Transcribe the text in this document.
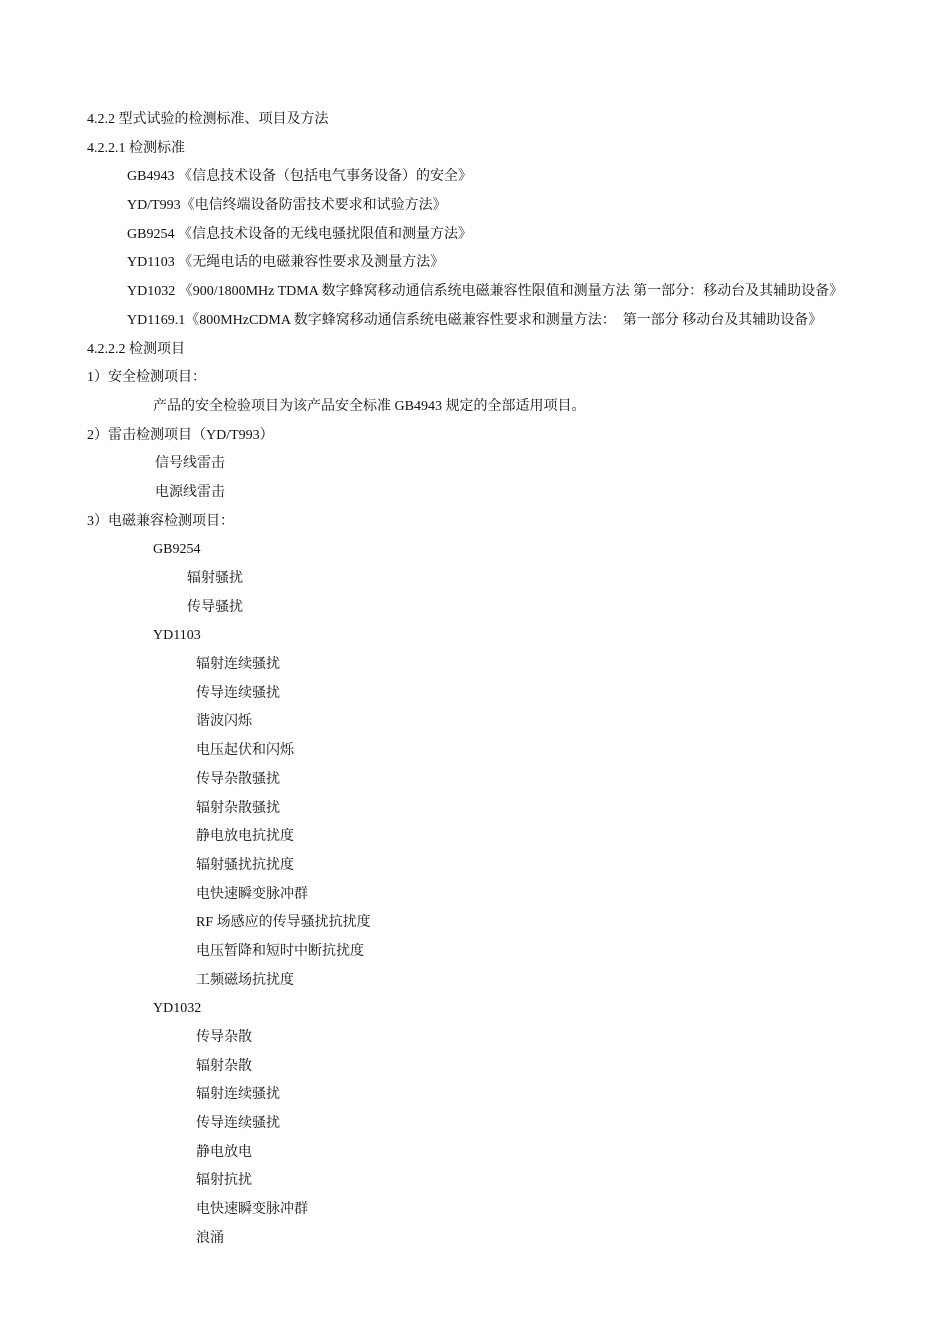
4.2.2 型式试验的检测标准、项目及方法
4.2.2.1 检测标准
GB4943 《信息技术设备（包括电气事务设备）的安全》
YD/T993《电信终端设备防雷技术要求和试验方法》
GB9254 《信息技术设备的无线电骚扰限值和测量方法》
YD1103 《无绳电话的电磁兼容性要求及测量方法》
YD1032 《900/1800MHz TDMA 数字蜂窝移动通信系统电磁兼容性限值和测量方法 第一部分：移动台及其辅助设备》
YD1169.1《800MHzCDMA 数字蜂窝移动通信系统电磁兼容性要求和测量方法：  第一部分 移动台及其辅助设备》
4.2.2.2 检测项目
1）安全检测项目：
产品的安全检验项目为该产品安全标准 GB4943 规定的全部适用项目。
2）雷击检测项目（YD/T993）
信号线雷击
电源线雷击
3）电磁兼容检测项目：
GB9254
辐射骚扰
传导骚扰
YD1103
辐射连续骚扰
传导连续骚扰
谐波闪烁
电压起伏和闪烁
传导杂散骚扰
辐射杂散骚扰
静电放电抗扰度
辐射骚扰抗扰度
电快速瞬变脉冲群
RF 场感应的传导骚扰抗扰度
电压暂降和短时中断抗扰度
工频磁场抗扰度
YD1032
传导杂散
辐射杂散
辐射连续骚扰
传导连续骚扰
静电放电
辐射抗扰
电快速瞬变脉冲群
浪涌
